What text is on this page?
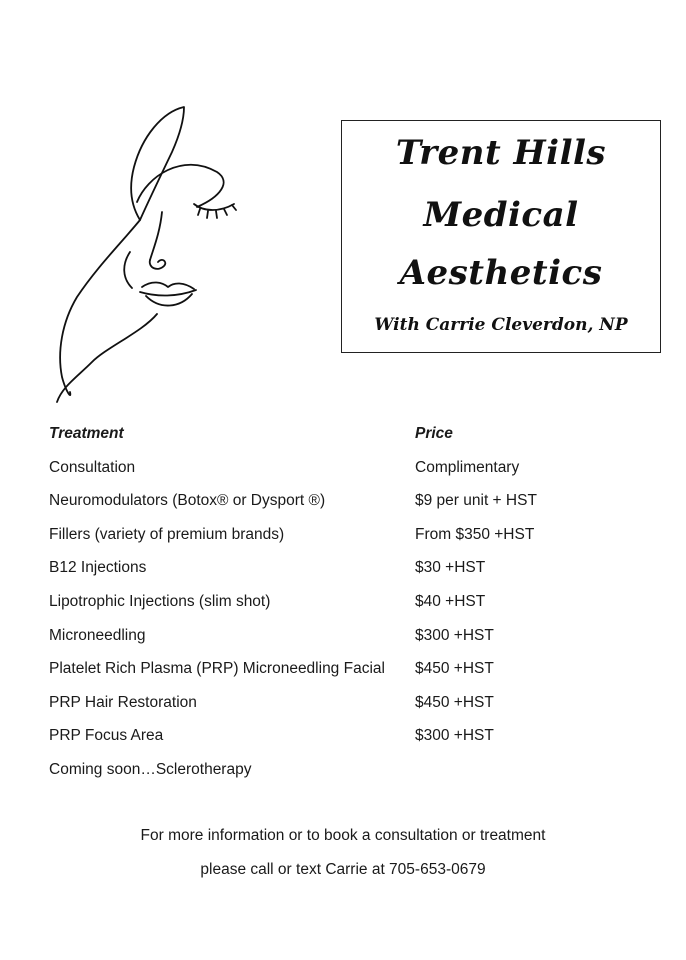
Trent Hills
Medical
Aesthetics
With Carrie Cleverdon, NP
Treatment	Price
Consultation	Complimentary
Neuromodulators (Botox® or Dysport ®)	$9 per unit + HST
Fillers (variety of premium brands)	From $350 +HST
B12 Injections	$30 +HST
Lipotrophic Injections (slim shot)	$40 +HST
Microneedling	$300 +HST
Platelet Rich Plasma (PRP) Microneedling Facial $450 +HST
PRP Hair Restoration	$450 +HST
PRP Focus Area	$300 +HST
Coming soon…Sclerotherapy
For more information or to book a consultation or treatment
please call or text Carrie at 705-653-0679
